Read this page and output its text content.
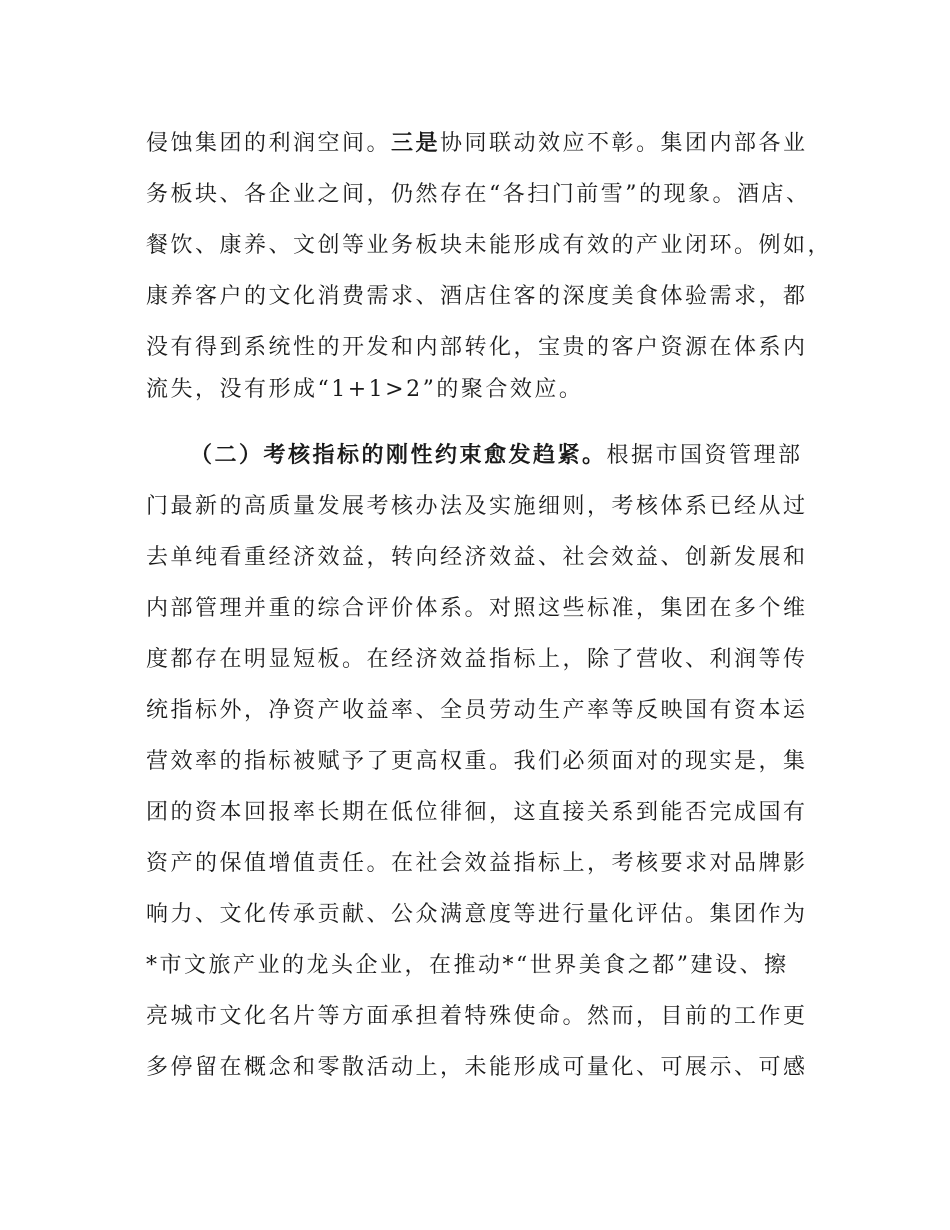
侵蚀集团的利润空间。三是协同联动效应不彰。集团内部各业
务板块、各企业之间，仍然存在“各扫门前雪”的现象。酒店、
餐饮、康养、文创等业务板块未能形成有效的产业闭环。例如，
康养客户的文化消费需求、酒店住客的深度美食体验需求，都
没有得到系统性的开发和内部转化，宝贵的客户资源在体系内
流失，没有形成“1+1>2”的聚合效应。
（二）考核指标的刚性约束愈发趋紧。根据市国资管理部
门最新的高质量发展考核办法及实施细则，考核体系已经从过
去单纯看重经济效益，转向经济效益、社会效益、创新发展和
内部管理并重的综合评价体系。对照这些标准，集团在多个维
度都存在明显短板。在经济效益指标上，除了营收、利润等传
统指标外，净资产收益率、全员劳动生产率等反映国有资本运
营效率的指标被赋予了更高权重。我们必须面对的现实是，集
团的资本回报率长期在低位徘徊，这直接关系到能否完成国有
资产的保值增值责任。在社会效益指标上，考核要求对品牌影
响力、文化传承贡献、公众满意度等进行量化评估。集团作为
*市文旅产业的龙头企业，在推动*“世界美食之都”建设、擦
亮城市文化名片等方面承担着特殊使命。然而，目前的工作更
多停留在概念和零散活动上，未能形成可量化、可展示、可感
